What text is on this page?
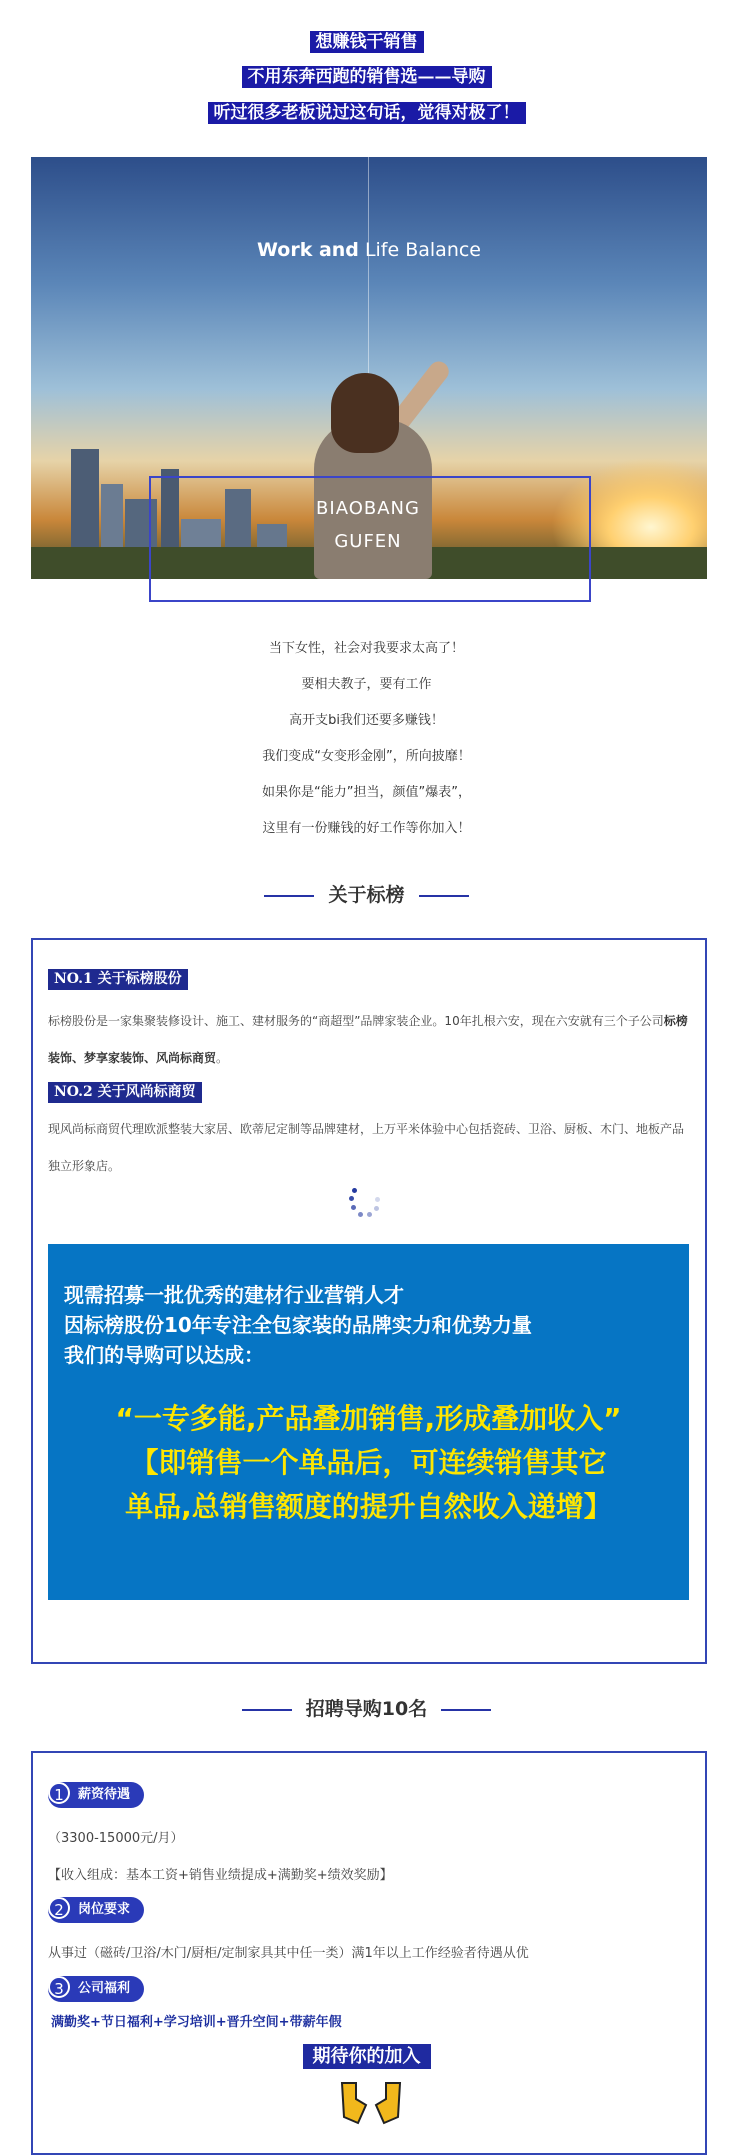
想赚钱干销售
不用东奔西跑的销售选——导购
听过很多老板说过这句话，觉得对极了！
Work and Life Balance
BIAOBANG
GUFEN
当下女性，社会对我要求太高了！
要相夫教子，要有工作
高开支bi我们还要多赚钱！
我们变成“女变形金刚”，所向披靡！
如果你是“能力”担当，颜值”爆表”，
这里有一份赚钱的好工作等你加入！
关于标榜
NO.1 关于标榜股份
标榜股份是一家集聚装修设计、施工、建材服务的“商超型”品牌家装企业。10年扎根六安，现在六安就有三个子公司标榜装饰、梦享家装饰、风尚标商贸。
NO.2 关于风尚标商贸
现风尚标商贸代理欧派整装大家居、欧蒂尼定制等品牌建材，上万平米体验中心包括瓷砖、卫浴、厨板、木门、地板产品独立形象店。
现需招募一批优秀的建材行业营销人才
因标榜股份10年专注全包家装的品牌实力和优势力量
我们的导购可以达成：
“一专多能,产品叠加销售,形成叠加收入”
【即销售一个单品后，可连续销售其它
单品,总销售额度的提升自然收入递增】
招聘导购10名
1 薪资待遇
（3300-15000元/月）
【收入组成：基本工资+销售业绩提成+满勤奖+绩效奖励】
2 岗位要求
从事过（磁砖/卫浴/木门/厨柜/定制家具其中任一类）满1年以上工作经验者待遇从优
3 公司福利
满勤奖+节日福利+学习培训+晋升空间+带薪年假
期待你的加入
